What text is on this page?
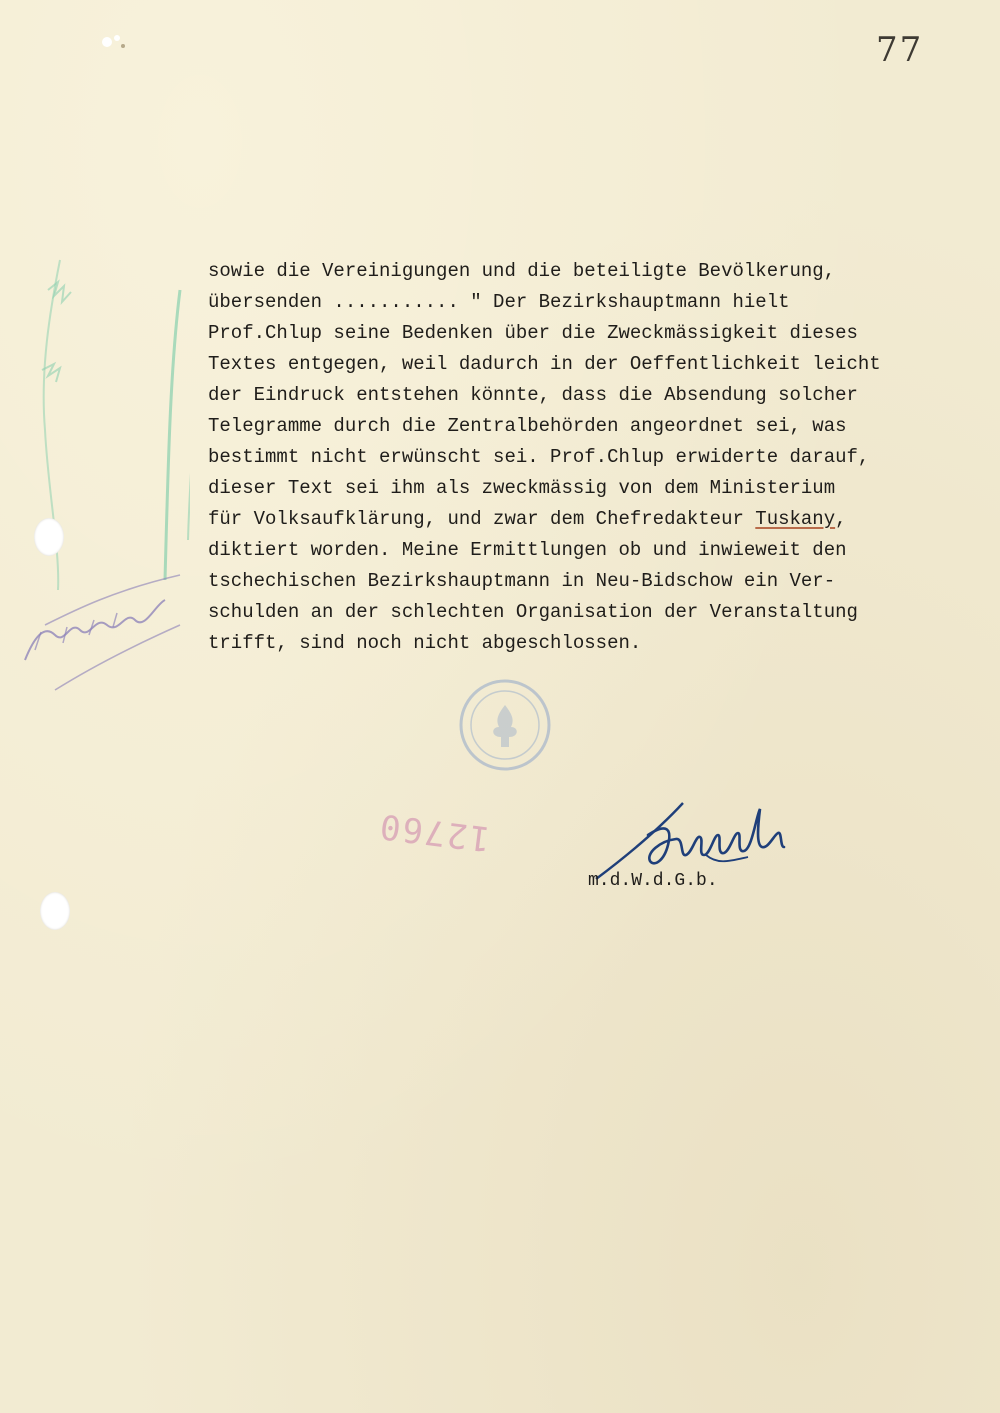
77
sowie die Vereinigungen und die beteiligte Bevölkerung,
übersenden ........... " Der Bezirkshauptmann hielt
Prof.Chlup seine Bedenken über die Zweckmässigkeit dieses
Textes entgegen, weil dadurch in der Oeffentlichkeit leicht
der Eindruck entstehen könnte, dass die Absendung solcher
Telegramme durch die Zentralbehörden angeordnet sei, was
bestimmt nicht erwünscht sei. Prof.Chlup erwiderte darauf,
dieser Text sei ihm als zweckmässig von dem Ministerium
für Volksaufklärung, und zwar dem Chefredakteur Tuskany,
diktiert worden. Meine Ermittlungen ob und inwieweit den
tschechischen Bezirkshauptmann in Neu-Bidschow ein Ver-
schulden an der schlechten Organisation der Veranstaltung
trifft, sind noch nicht abgeschlossen.
12760
m.d.W.d.G.b.
